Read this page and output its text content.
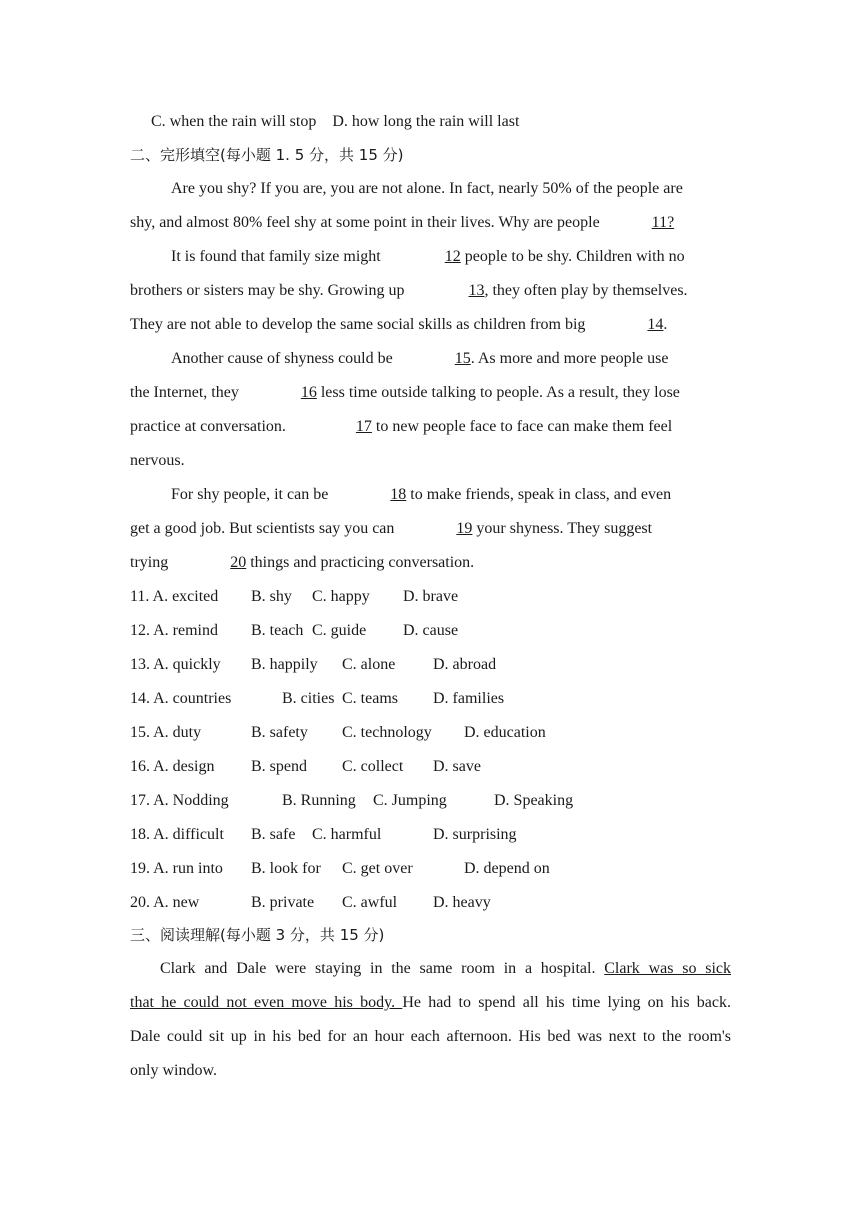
C. when the rain will stop D. how long the rain will last
二、完形填空(每小题 1. 5 分，共 15 分)
Are you shy? If you are, you are not alone. In fact, nearly 50% of the people are
shy, and almost 80% feel shy at some point in their lives. Why are people	11?
It is found that family size might	12 people to be shy. Children with no
brothers or sisters may be shy. Growing up	13, they often play by themselves.
They are not able to develop the same social skills as children from big	14.
Another cause of shyness could be	15. As more and more people use
the Internet, they	16 less time outside talking to people. As a result, they lose
practice at conversation.	17 to new people face to face can make them feel
nervous.
For shy people, it can be	18 to make friends, speak in class, and even
get a good job. But scientists say you can	19 your shyness. They suggest
trying	20 things and practicing conversation.
11. A. excited B. shy C. happy D. brave
12. A. remind B. teach C. guide D. cause
13. A. quickly B. happily C. alone D. abroad
14. A. countries	B. cities C. teams D. families
15. A. duty	B. safety C. technology D. education
16. A. design B. spend C. collect D. save
17. A. Nodding	B. Running C. Jumping	D. Speaking
18. A. difficult B. safe C. harmful	D. surprising
19. A. run into B. look for C. get over	D. depend on
20. A. new	B. private C. awful D. heavy
三、阅读理解(每小题 3 分，共 15 分)
Clark and Dale were staying in the same room in a hospital. Clark was so sick
that he could not even move his body. He had to spend all his time lying on his back.
Dale could sit up in his bed for an hour each afternoon. His bed was next to the room's
only window.
